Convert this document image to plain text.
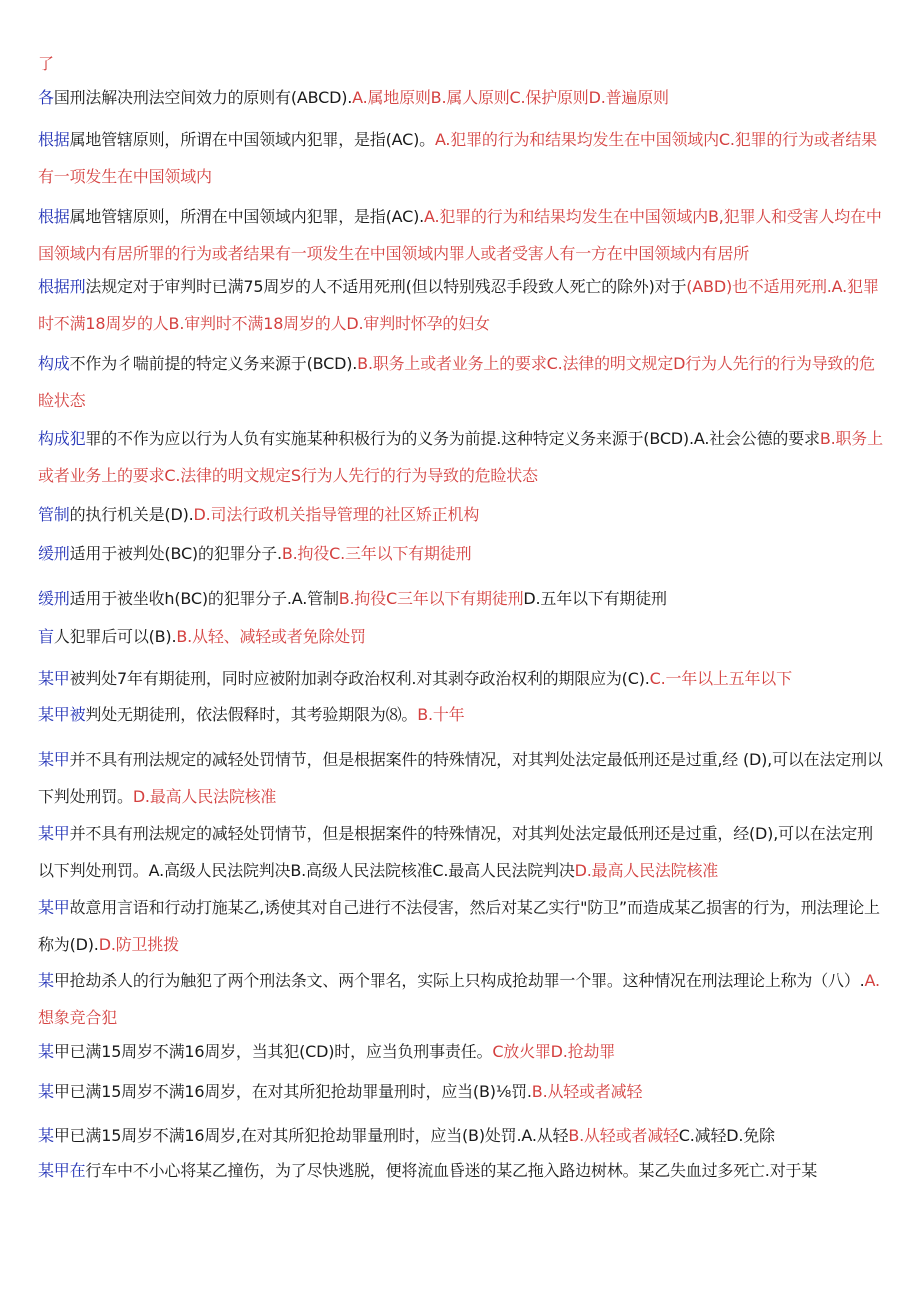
了
各国刑法解决刑法空间效力的原则有(ABCD).A.属地原则B.属人原则C.保护原则D.普遍原则
根据属地管辖原则，所谓在中国领域内犯罪，是指(AC)。A.犯罪的行为和结果均发生在中国领域内C.犯罪的行为或者结果有一项发生在中国领域内
根据属地管辖原则，所渭在中国领域内犯罪，是指(AC).A.犯罪的行为和结果均发生在中国领域内B,犯罪人和受害人均在中国领域内有居所罪的行为或者结果有一项发生在中国领域内罪人或者受害人有一方在中国领域内有居所
根据刑法规定对于审判时已满75周岁的人不适用死刑(但以特别残忍手段致人死亡的除外)对于(ABD)也不适用死刑.A.犯罪时不满18周岁的人B.审判时不满18周岁的人D.审判时怀孕的妇女
构成不作为彳喘前提的特定义务来源于(BCD).B.职务上或者业务上的要求C.法律的明文规定D行为人先行的行为导致的危睑状态
构成犯罪的不作为应以行为人负有实施某种积极行为的义务为前提.这种特定义务来源于(BCD).A.社会公德的要求B.职务上或者业务上的要求C.法律的明文规定S行为人先行的行为导致的危睑状态
管制的执行机关是(D).D.司法行政机关指导管理的社区矫正机构
缓刑适用于被判处(BC)的犯罪分子.B.拘役C.三年以下有期徒刑
缓刑适用于被坐收h(BC)的犯罪分子.A.管制B.拘役C三年以下有期徒刑D.五年以下有期徒刑
盲人犯罪后可以(B).B.从轻、减轻或者免除处罚
某甲被判处7年有期徒刑，同时应被附加剥夺政治权利.对其剥夺政治权利的期限应为(C).C.一年以上五年以下
某甲被判处无期徒刑，依法假释时，其考验期限为⑻。B.十年
某甲并不具有刑法规定的减轻处罚情节，但是根据案件的特殊情况，对其判处法定最低刑还是过重,经 (D),可以在法定刑以下判处刑罚。D.最高人民法院核准
某甲并不具有刑法规定的减轻处罚情节，但是根据案件的特殊情况，对其判处法定最低刑还是过重，经(D),可以在法定刑以下判处刑罚。A.高级人民法院判决B.高级人民法院核准C.最高人民法院判决D.最高人民法院核准
某甲故意用言语和行动打施某乙,诱使其对自己进行不法侵害，然后对某乙实行"防卫”而造成某乙损害的行为，刑法理论上称为(D).D.防卫挑拨
某甲抢劫杀人的行为触犯了两个刑法条文、两个罪名，实际上只构成抢劫罪一个罪。这种情况在刑法理论上称为（八）.A.想象竞合犯
某甲已满15周岁不满16周岁，当其犯(CD)时，应当负刑事责任。C放火罪D.抢劫罪
某甲已满15周岁不满16周岁，在对其所犯抢劫罪量刑时，应当(B)⅛罚.B.从轻或者减轻
某甲已满15周岁不满16周岁,在对其所犯抢劫罪量刑时，应当(B)处罚.A.从轻B.从轻或者减轻C.减轻D.免除
某甲在行车中不小心将某乙撞伤，为了尽快逃脱，便将流血昏迷的某乙拖入路边树林。某乙失血过多死亡.对于某
